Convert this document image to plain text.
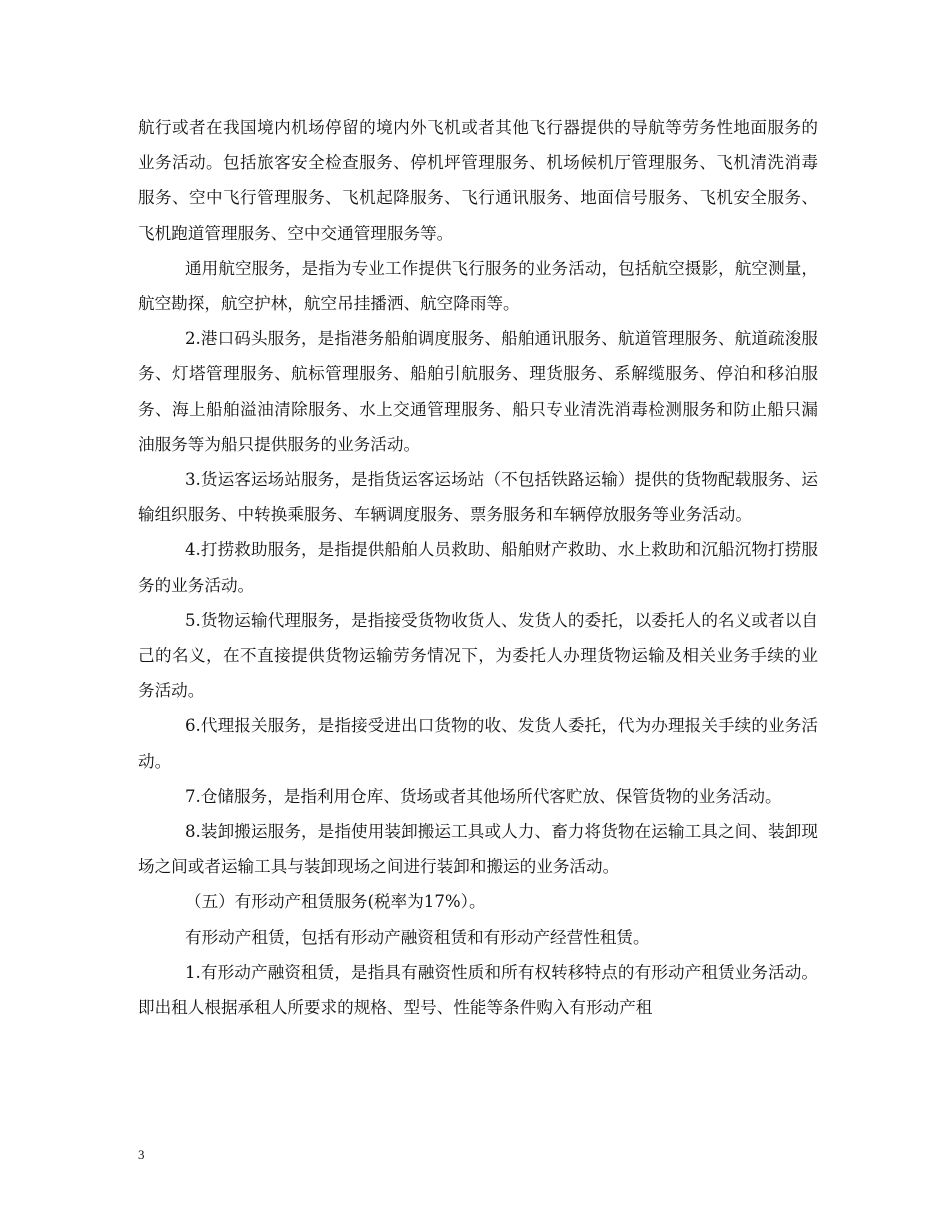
航行或者在我国境内机场停留的境内外飞机或者其他飞行器提供的导航等劳务性地面服务的业务活动。包括旅客安全检查服务、停机坪管理服务、机场候机厅管理服务、飞机清洗消毒服务、空中飞行管理服务、飞机起降服务、飞行通讯服务、地面信号服务、飞机安全服务、飞机跑道管理服务、空中交通管理服务等。

通用航空服务，是指为专业工作提供飞行服务的业务活动，包括航空摄影，航空测量，航空勘探，航空护林，航空吊挂播洒、航空降雨等。

2.港口码头服务，是指港务船舶调度服务、船舶通讯服务、航道管理服务、航道疏浚服务、灯塔管理服务、航标管理服务、船舶引航服务、理货服务、系解缆服务、停泊和移泊服务、海上船舶溢油清除服务、水上交通管理服务、船只专业清洗消毒检测服务和防止船只漏油服务等为船只提供服务的业务活动。

3.货运客运场站服务，是指货运客运场站（不包括铁路运输）提供的货物配载服务、运输组织服务、中转换乘服务、车辆调度服务、票务服务和车辆停放服务等业务活动。

4.打捞救助服务，是指提供船舶人员救助、船舶财产救助、水上救助和沉船沉物打捞服务的业务活动。

5.货物运输代理服务，是指接受货物收货人、发货人的委托，以委托人的名义或者以自己的名义，在不直接提供货物运输劳务情况下，为委托人办理货物运输及相关业务手续的业务活动。

6.代理报关服务，是指接受进出口货物的收、发货人委托，代为办理报关手续的业务活动。

7.仓储服务，是指利用仓库、货场或者其他场所代客贮放、保管货物的业务活动。

8.装卸搬运服务，是指使用装卸搬运工具或人力、畜力将货物在运输工具之间、装卸现场之间或者运输工具与装卸现场之间进行装卸和搬运的业务活动。

（五）有形动产租赁服务(税率为17%）。

有形动产租赁，包括有形动产融资租赁和有形动产经营性租赁。

1.有形动产融资租赁，是指具有融资性质和所有权转移特点的有形动产租赁业务活动。即出租人根据承租人所要求的规格、型号、性能等条件购入有形动产租

3
